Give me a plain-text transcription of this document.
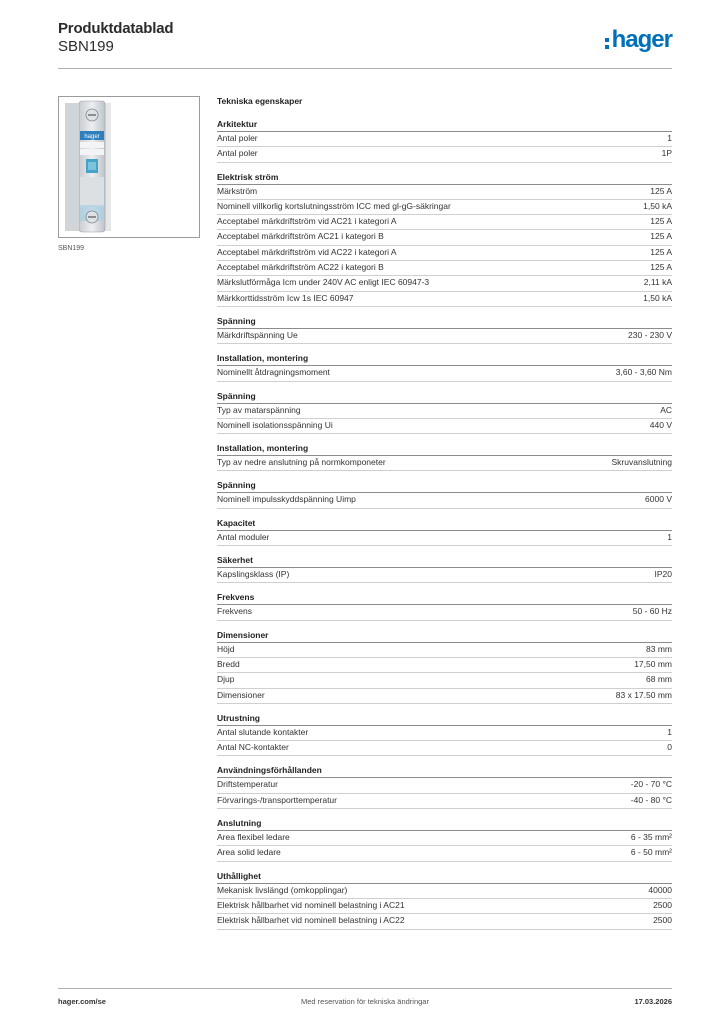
Produktdatablad
SBN199	hager
hager
SBN199
Tekniska egenskaper
Arkitektur
Antal poler	1
Antal poler	1P
Elektrisk ström
Märkström	125 A
Nominell villkorlig kortslutningsström ICC med gl-gG-säkringar	1,50 kA
Acceptabel märkdriftström vid AC21 i kategori A	125 A
Acceptabel märkdriftström AC21 i kategori B	125 A
Acceptabel märkdriftström vid AC22 i kategori A	125 A
Acceptabel märkdriftström AC22 i kategori B	125 A
Märkslutförmåga Icm under 240V AC enligt IEC 60947-3	2,11 kA
Märkkorttidsström Icw 1s IEC 60947	1,50 kA
Spänning
Märkdriftspänning Ue	230 - 230 V
Installation, montering
Nominellt åtdragningsmoment	3,60 - 3,60 Nm
Spänning
Typ av matarspänning	AC
Nominell isolationsspänning Ui	440 V
Installation, montering
Typ av nedre anslutning på normkomponeter	Skruvanslutning
Spänning
Nominell impulsskyddspänning Uimp	6000 V
Kapacitet
Antal moduler	1
Säkerhet
Kapslingsklass (IP)	IP20
Frekvens
Frekvens	50 - 60 Hz
Dimensioner
Höjd	83 mm
Bredd	17,50 mm
Djup	68 mm
Dimensioner	83 x 17.50 mm
Utrustning
Antal slutande kontakter	1
Antal NC-kontakter	0
Användningsförhållanden
Driftstemperatur	-20 - 70 °C
Förvarings-/transporttemperatur	-40 - 80 °C
Anslutning
Area flexibel ledare	6 - 35 mm²
Area solid ledare	6 - 50 mm²
Uthållighet
Mekanisk livslängd (omkopplingar)	40000
Elektrisk hållbarhet vid nominell belastning i AC21	2500
Elektrisk hållbarhet vid nominell belastning i AC22	2500
hager.com/se	Med reservation för tekniska ändringar	17.03.2026
